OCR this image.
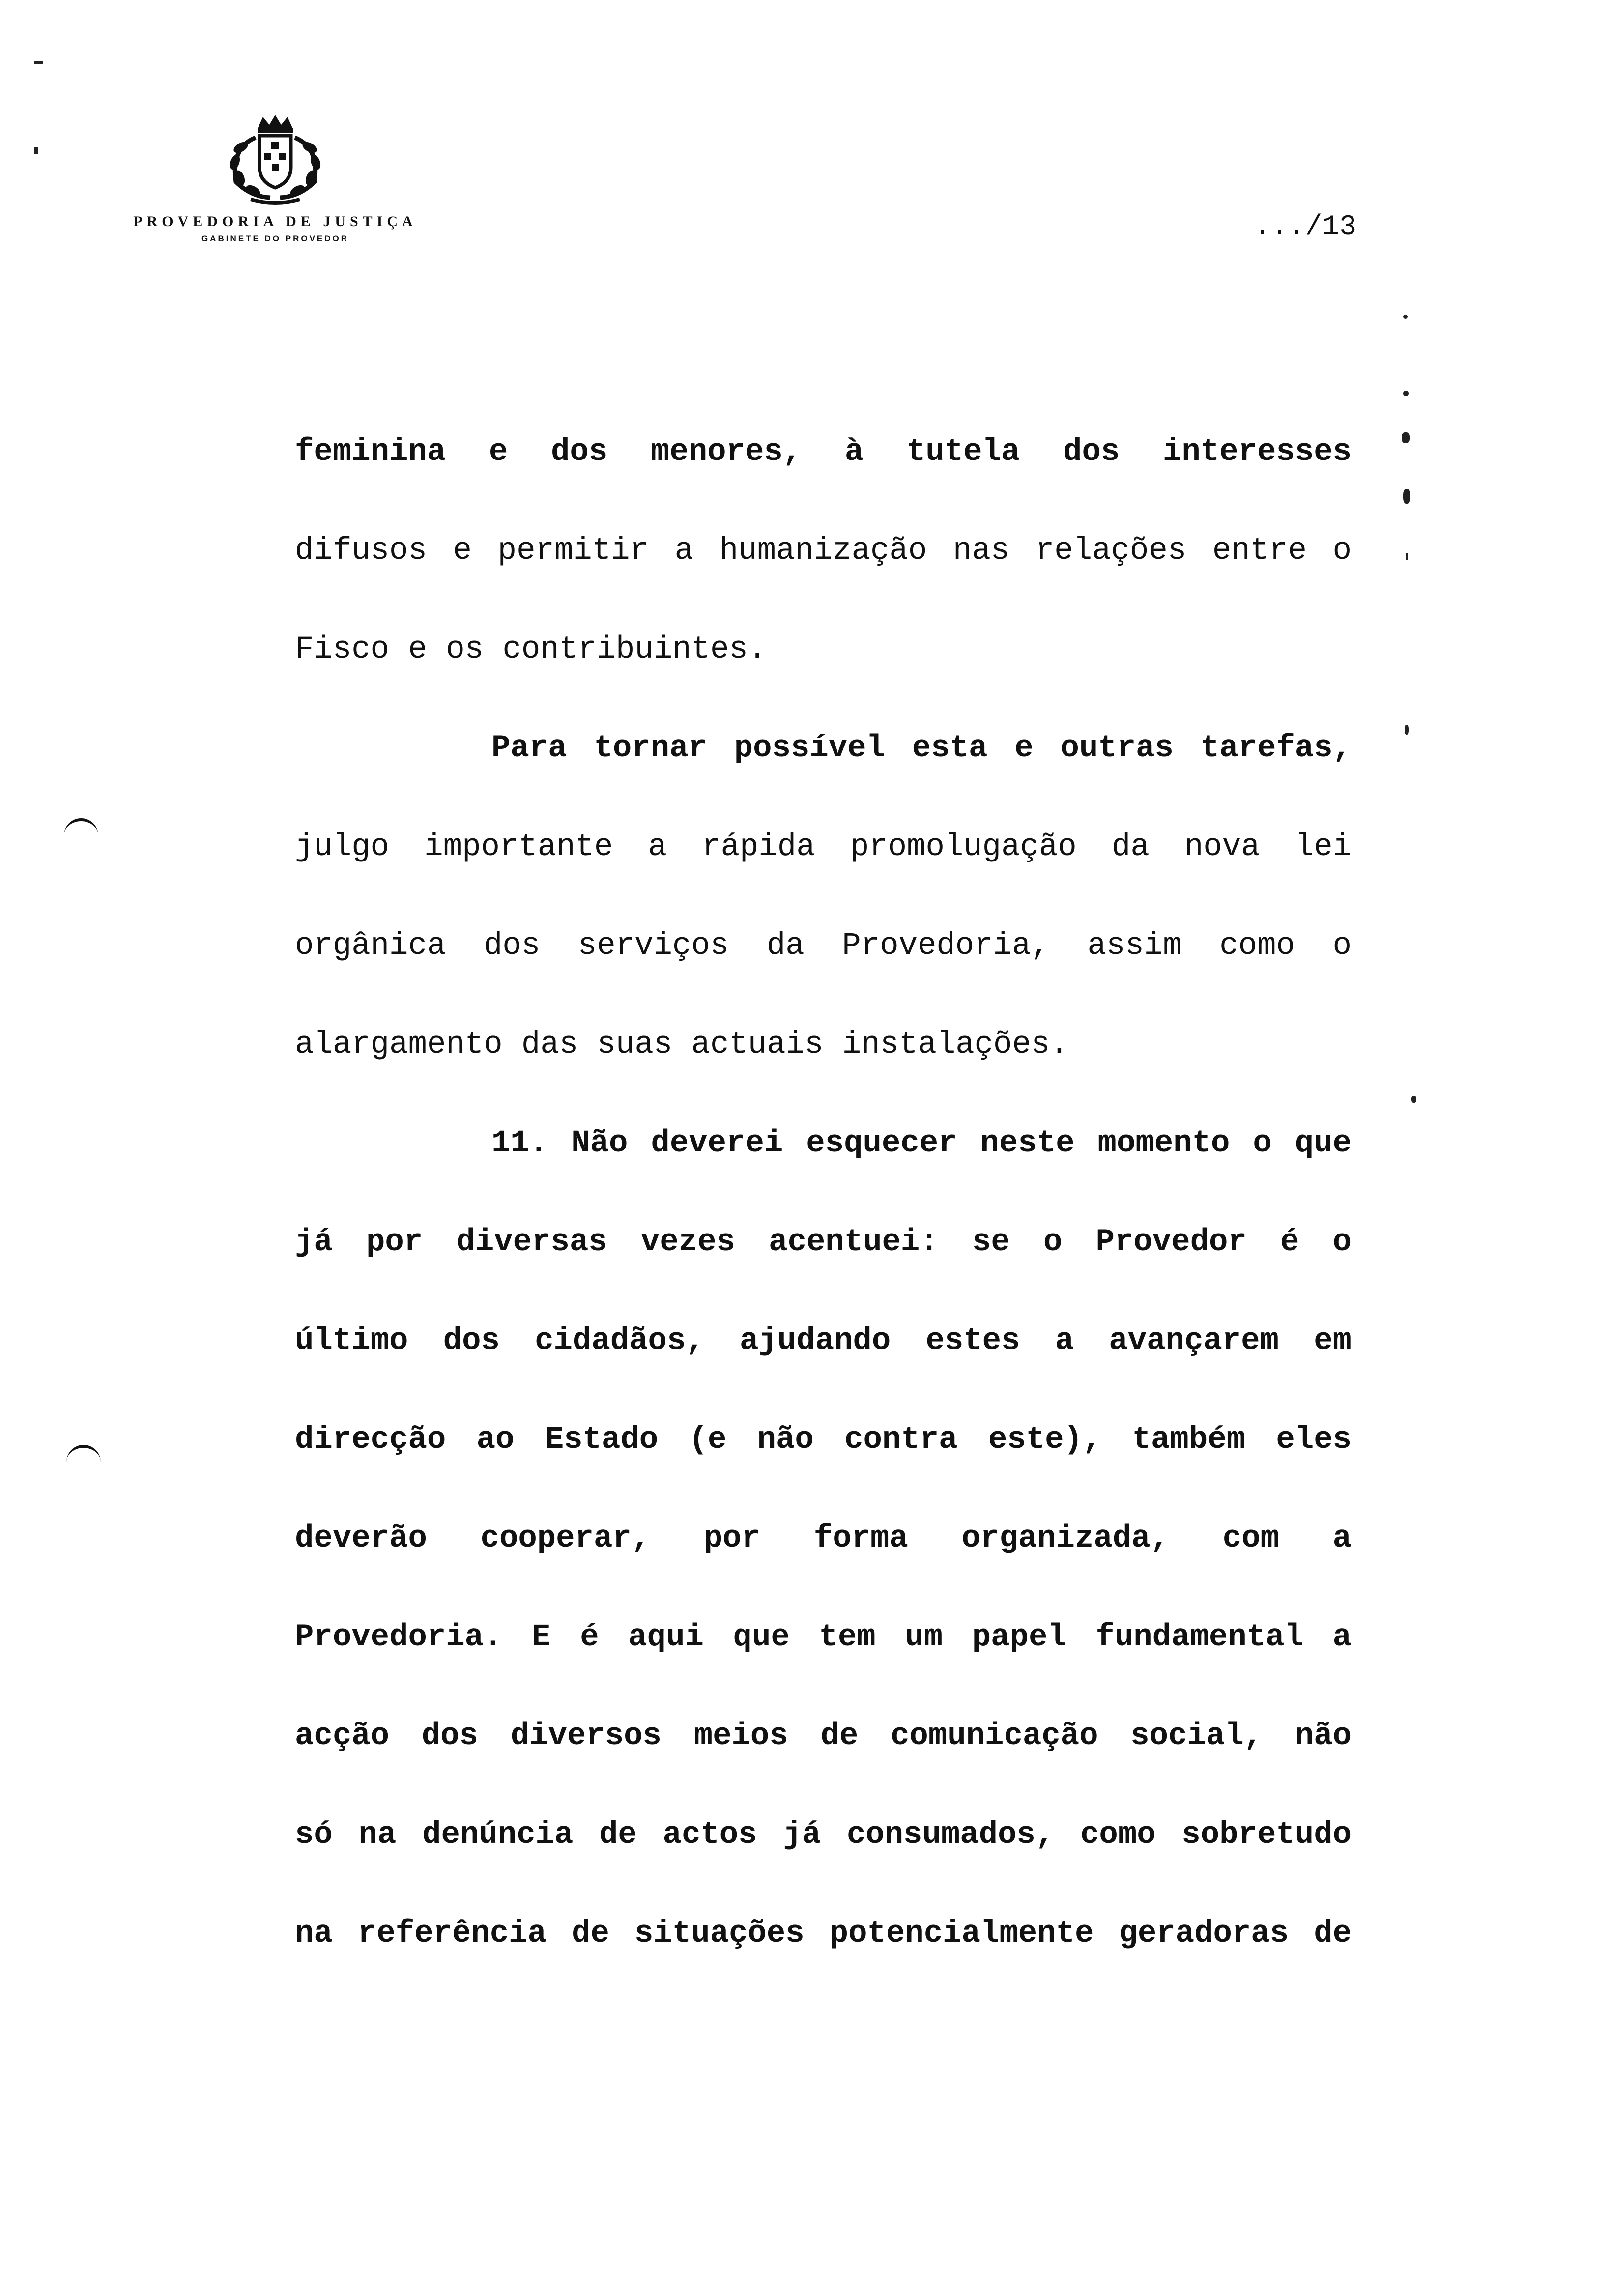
PROVEDORIA DE JUSTIÇA
GABINETE DO PROVEDOR	.../13
feminina e dos menores, à tutela dos interesses
difusos e permitir a humanização nas relações entre o
Fisco e os contribuintes.
Para tornar possível esta e outras tarefas,
julgo importante a rápida promolugação da nova lei
orgânica dos serviços da Provedoria, assim como o
alargamento das suas actuais instalações.
11. Não deverei esquecer neste momento o que
já por diversas vezes acentuei: se o Provedor é o
último dos cidadãos, ajudando estes a avançarem em
direcção ao Estado (e não contra este), também eles
deverão cooperar, por forma organizada, com a
Provedoria. E é aqui que tem um papel fundamental a
acção dos diversos meios de comunicação social, não
só na denúncia de actos já consumados, como sobretudo
na referência de situações potencialmente geradoras de
